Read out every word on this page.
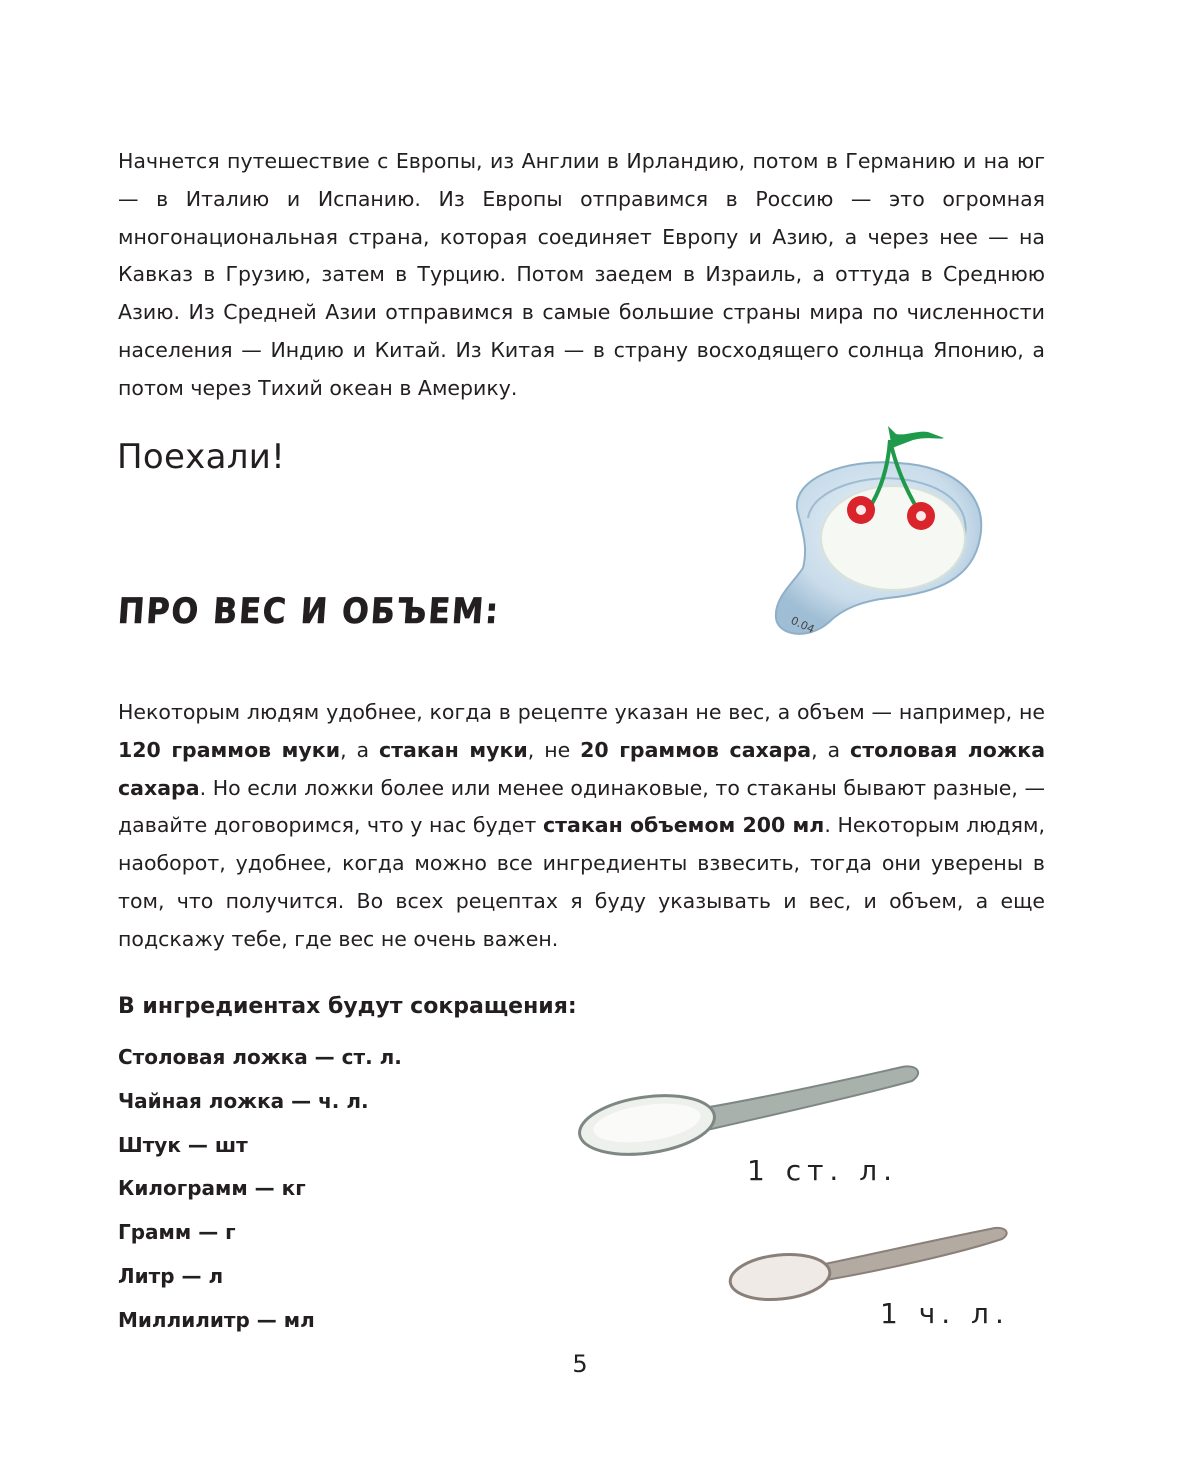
Начнется путешествие с Европы, из Англии в Ирландию, потом в Германию и на юг — в Италию и Испанию. Из Европы отправимся в Россию — это огромная многонациональная страна, которая соединяет Европу и Азию, а через нее — на Кавказ в Грузию, затем в Турцию. Потом заедем в Израиль, а оттуда в Среднюю Азию. Из Средней Азии отправимся в самые большие страны мира по численности населения — Индию и Китай. Из Китая — в страну восходящего солнца Японию, а потом через Тихий океан в Америку.

Поехали!

0.04
ПРО ВЕС И ОБЪЕМ:

Некоторым людям удобнее, когда в рецепте указан не вес, а объем — например, не 120 граммов муки, а стакан муки, не 20 граммов сахара, а столовая ложка сахара. Но если ложки более или менее одинаковые, то стаканы бывают разные, — давайте договоримся, что у нас будет стакан объемом 200 мл. Некоторым людям, наоборот, удобнее, когда можно все ингредиенты взвесить, тогда они уверены в том, что получится. Во всех рецептах я буду указывать и вес, и объем, а еще подскажу тебе, где вес не очень важен.

В ингредиентах будут сокращения:
Столовая ложка — ст. л.
Чайная ложка — ч. л.
Штук — шт
Килограмм — кг
Грамм — г
Литр — л
Миллилитр — мл
1 ст. л.
1 ч. л.

5
